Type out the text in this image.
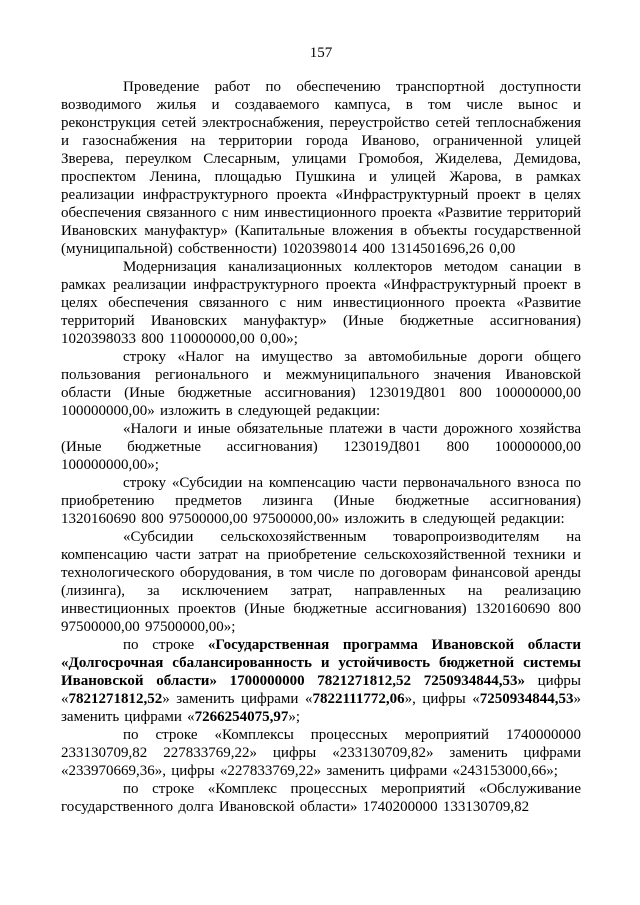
157

Проведение работ по обеспечению транспортной доступности возводимого жилья и создаваемого кампуса, в том числе вынос и реконструкция сетей электроснабжения, переустройство сетей теплоснабжения и газоснабжения на территории города Иваново, ограниченной улицей Зверева, переулком Слесарным, улицами Громобоя, Жиделева, Демидова, проспектом Ленина, площадью Пушкина и улицей Жарова, в рамках реализации инфраструктурного проекта «Инфраструктурный проект в целях обеспечения связанного с ним инвестиционного проекта «Развитие территорий Ивановских мануфактур» (Капитальные вложения в объекты государственной (муниципальной) собственности) 1020398014 400 1314501696,26 0,00

Модернизация канализационных коллекторов методом санации в рамках реализации инфраструктурного проекта «Инфраструктурный проект в целях обеспечения связанного с ним инвестиционного проекта «Развитие территорий Ивановских мануфактур» (Иные бюджетные ассигнования) 1020398033 800 110000000,00 0,00»;

строку «Налог на имущество за автомобильные дороги общего пользования регионального и межмуниципального значения Ивановской области (Иные бюджетные ассигнования) 123019Д801 800 100000000,00 100000000,00» изложить в следующей редакции:

«Налоги и иные обязательные платежи в части дорожного хозяйства (Иные бюджетные ассигнования) 123019Д801 800 100000000,00 100000000,00»;

строку «Субсидии на компенсацию части первоначального взноса по приобретению предметов лизинга (Иные бюджетные ассигнования) 1320160690 800 97500000,00 97500000,00» изложить в следующей редакции:

«Субсидии сельскохозяйственным товаропроизводителям на компенсацию части затрат на приобретение сельскохозяйственной техники и технологического оборудования, в том числе по договорам финансовой аренды (лизинга), за исключением затрат, направленных на реализацию инвестиционных проектов (Иные бюджетные ассигнования) 1320160690 800 97500000,00 97500000,00»;

по строке «Государственная программа Ивановской области «Долгосрочная сбалансированность и устойчивость бюджетной системы Ивановской области» 1700000000 7821271812,52 7250934844,53» цифры «7821271812,52» заменить цифрами «7822111772,06», цифры «7250934844,53» заменить цифрами «7266254075,97»;

по строке «Комплексы процессных мероприятий 1740000000 233130709,82 227833769,22» цифры «233130709,82» заменить цифрами «233970669,36», цифры «227833769,22» заменить цифрами «243153000,66»;

по строке «Комплекс процессных мероприятий «Обслуживание государственного долга Ивановской области» 1740200000 133130709,82
